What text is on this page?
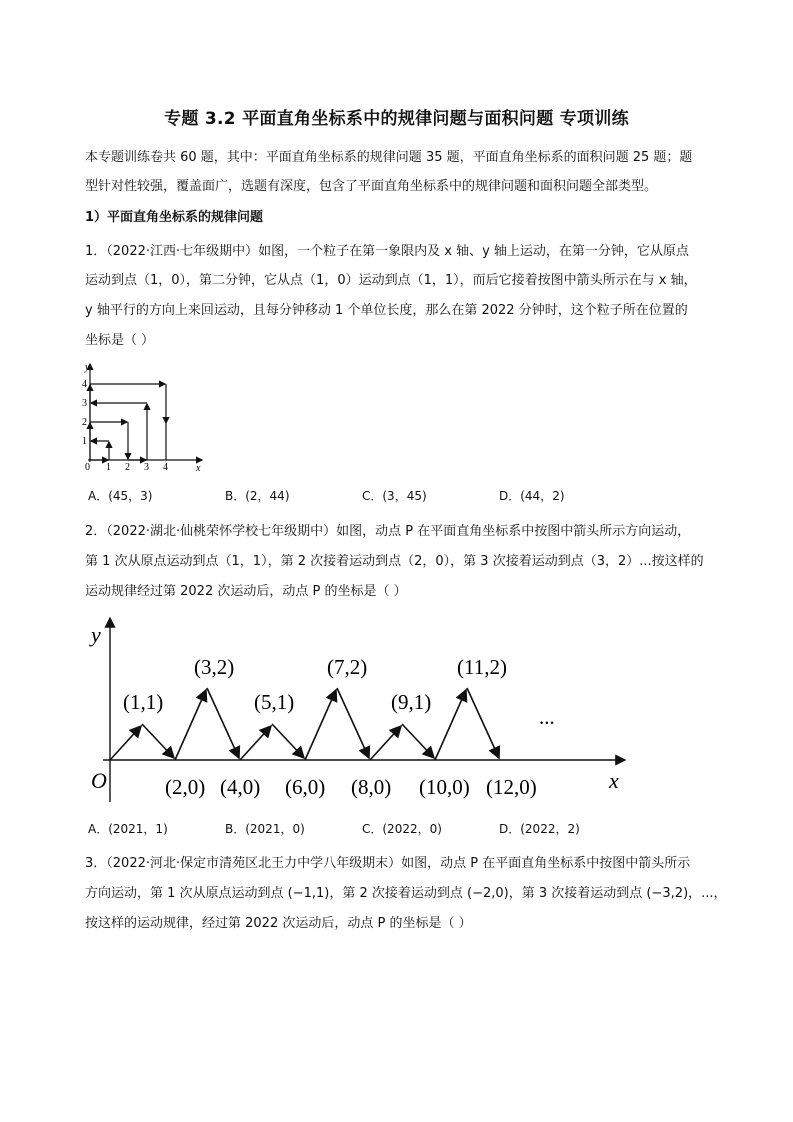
专题 3.2 平面直角坐标系中的规律问题与面积问题 专项训练
本专题训练卷共 60 题，其中：平面直角坐标系的规律问题 35 题，平面直角坐标系的面积问题 25 题；题
型针对性较强，覆盖面广，选题有深度，包含了平面直角坐标系中的规律问题和面积问题全部类型。
1）平面直角坐标系的规律问题
1．（2022·江西·七年级期中）如图，一个粒子在第一象限内及 x 轴、y 轴上运动，在第一分钟，它从原点
运动到点（1，0），第二分钟，它从点（1，0）运动到点（1，1），而后它接着按图中箭头所示在与 x 轴，
y 轴平行的方向上来回运动，且每分钟移动 1 个单位长度，那么在第 2022 分钟时，这个粒子所在位置的
坐标是（ ）
y
x
0 1 2 3 4
1
2
3
4
A．(45，3)	B．(2，44)	C．(3，45)	D．(44，2)
2．（2022·湖北·仙桃荣怀学校七年级期中）如图，动点 P 在平面直角坐标系中按图中箭头所示方向运动，
第 1 次从原点运动到点（1，1），第 2 次接着运动到点（2，0），第 3 次接着运动到点（3，2）...按这样的
运动规律经过第 2022 次运动后，动点 P 的坐标是（ ）
y
x
O
(1,1)
(3,2)
(5,1)
(7,2)
(9,1)
(11,2)
...
(2,0) (4,0) (6,0) (8,0) (10,0) (12,0)
A．(2021，1)	B．(2021，0)	C．(2022，0)	D．(2022，2)
3．（2022·河北·保定市清苑区北王力中学八年级期末）如图，动点 P 在平面直角坐标系中按图中箭头所示
方向运动，第 1 次从原点运动到点 (−1,1)，第 2 次接着运动到点 (−2,0)，第 3 次接着运动到点 (−3,2)，...，
按这样的运动规律，经过第 2022 次运动后，动点 P 的坐标是（ ）
